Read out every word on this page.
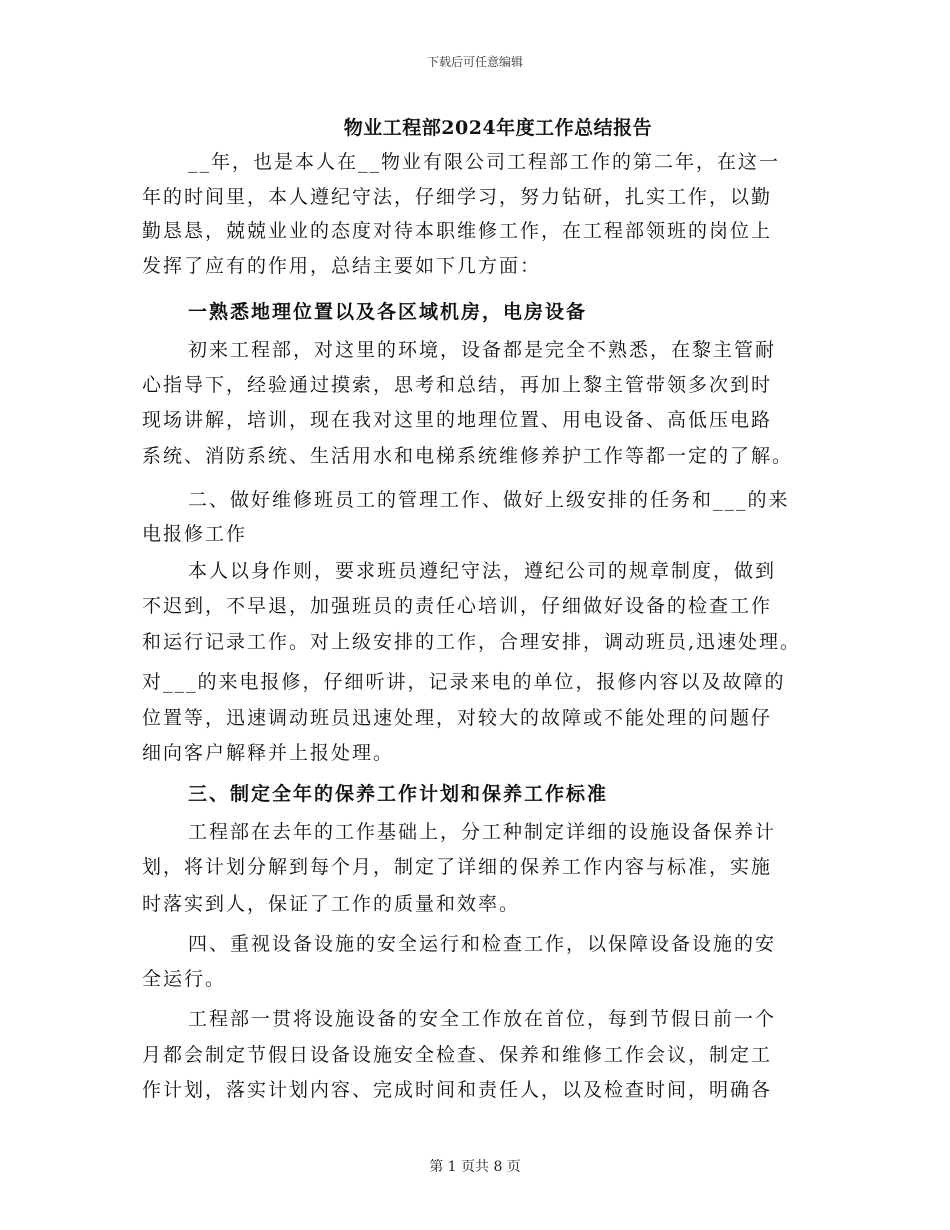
下载后可任意编辑
物业工程部2024年度工作总结报告
__年，也是本人在__物业有限公司工程部工作的第二年，在这一
年的时间里，本人遵纪守法，仔细学习，努力钻研，扎实工作，以勤
勤恳恳，兢兢业业的态度对待本职维修工作，在工程部领班的岗位上
发挥了应有的作用，总结主要如下几方面：
一熟悉地理位置以及各区域机房，电房设备
初来工程部，对这里的环境，设备都是完全不熟悉，在黎主管耐
心指导下，经验通过摸索，思考和总结，再加上黎主管带领多次到时
现场讲解，培训，现在我对这里的地理位置、用电设备、高低压电路
系统、消防系统、生活用水和电梯系统维修养护工作等都一定的了解。
二、做好维修班员工的管理工作、做好上级安排的任务和___的来
电报修工作
本人以身作则，要求班员遵纪守法，遵纪公司的规章制度，做到
不迟到，不早退，加强班员的责任心培训，仔细做好设备的检查工作
和运行记录工作。对上级安排的工作，合理安排，调动班员,迅速处理。
对___的来电报修，仔细听讲，记录来电的单位，报修内容以及故障的
位置等，迅速调动班员迅速处理，对较大的故障或不能处理的问题仔
细向客户解释并上报处理。
三、制定全年的保养工作计划和保养工作标准
工程部在去年的工作基础上，分工种制定详细的设施设备保养计
划，将计划分解到每个月，制定了详细的保养工作内容与标准，实施
时落实到人，保证了工作的质量和效率。
四、重视设备设施的安全运行和检查工作，以保障设备设施的安
全运行。
工程部一贯将设施设备的安全工作放在首位，每到节假日前一个
月都会制定节假日设备设施安全检查、保养和维修工作会议，制定工
作计划，落实计划内容、完成时间和责任人，以及检查时间，明确各
第 1 页共 8 页
